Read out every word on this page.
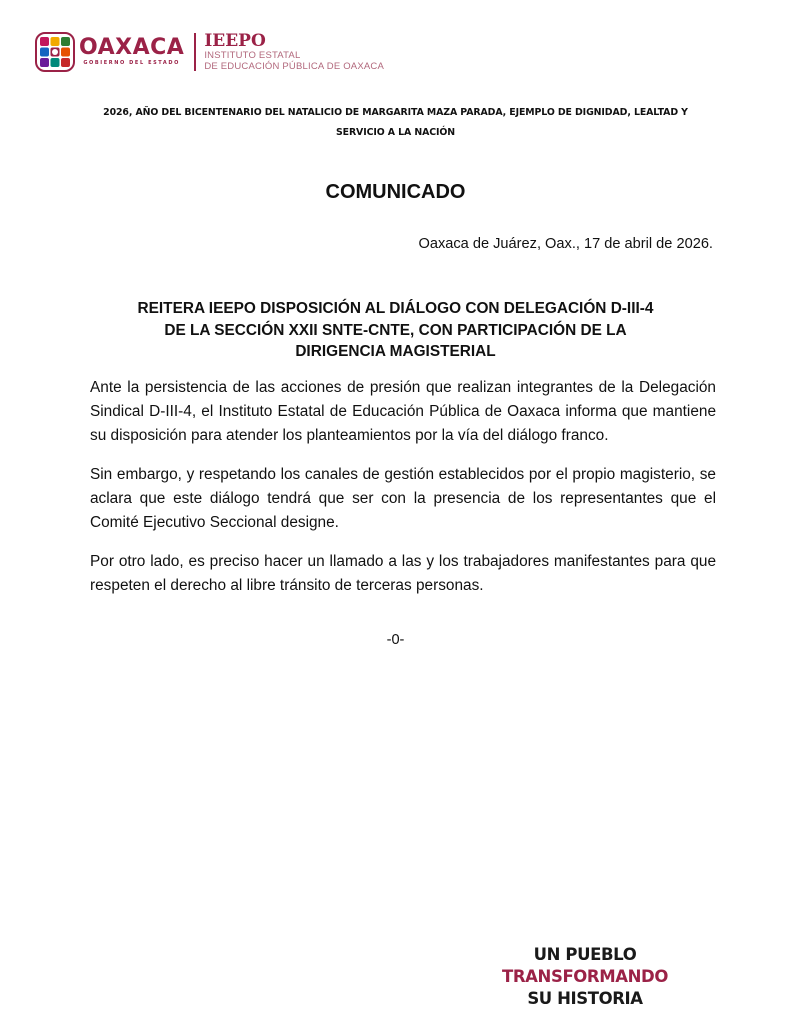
OAXACA
GOBIERNO DEL ESTADO
IEEPO
INSTITUTO ESTATAL
DE EDUCACIÓN PÚBLICA DE OAXACA
2026, AÑO DEL BICENTENARIO DEL NATALICIO DE MARGARITA MAZA PARADA, EJEMPLO DE DIGNIDAD, LEALTAD Y
SERVICIO A LA NACIÓN
COMUNICADO
Oaxaca de Juárez, Oax., 17 de abril de 2026.
REITERA IEEPO DISPOSICIÓN AL DIÁLOGO CON DELEGACIÓN D-III-4
DE LA SECCIÓN XXII SNTE-CNTE, CON PARTICIPACIÓN DE LA
DIRIGENCIA MAGISTERIAL

Ante la persistencia de las acciones de presión que realizan integrantes de la Delegación Sindical D-III-4, el Instituto Estatal de Educación Pública de Oaxaca informa que mantiene su disposición para atender los planteamientos por la vía del diálogo franco.

Sin embargo, y respetando los canales de gestión establecidos por el propio magisterio, se aclara que este diálogo tendrá que ser con la presencia de los representantes que el Comité Ejecutivo Seccional designe.

Por otro lado, es preciso hacer un llamado a las y los trabajadores manifestantes para que respeten el derecho al libre tránsito de terceras personas.

-0-
UN PUEBLO TRANSFORMANDO
SU HISTORIA
